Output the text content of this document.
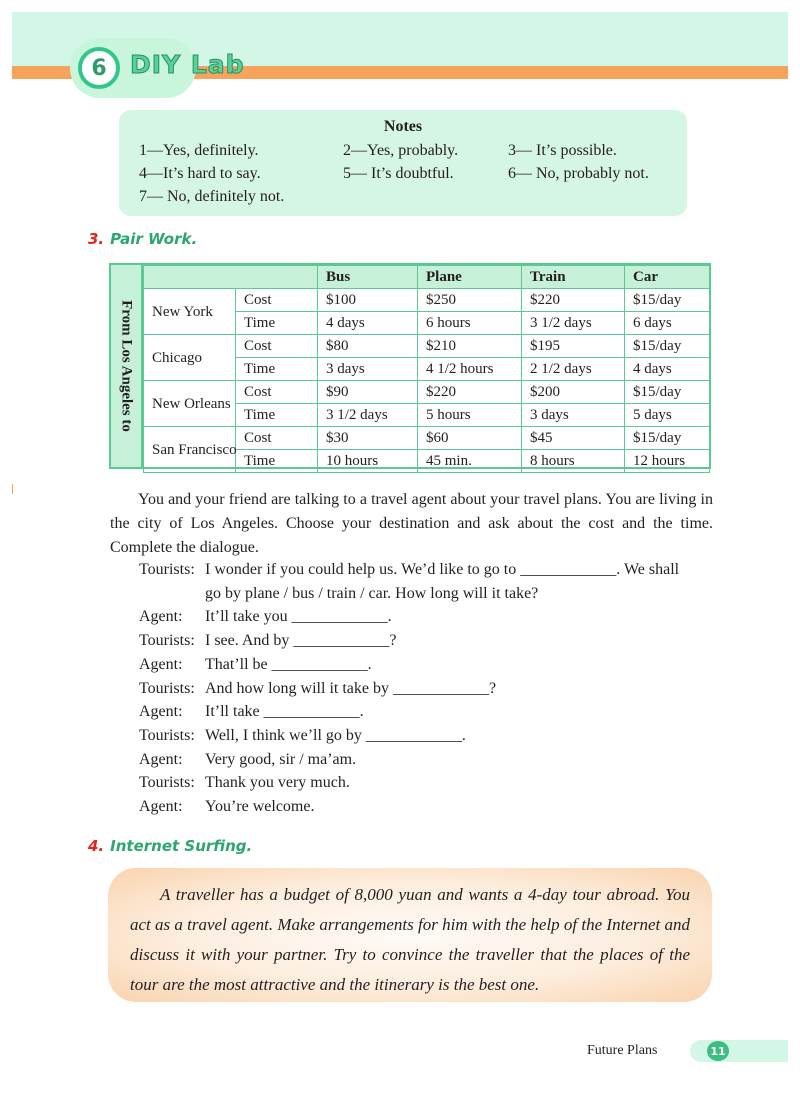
6 DIY Lab
Notes
1—Yes, definitely.	2—Yes, probably.	3— It’s possible.
4—It’s hard to say.	5— It’s doubtful.	6— No, probably not.
7— No, definitely not.
3. Pair Work.
From Los Angeles to
		Bus	Plane	Train	Car
New York	Cost	$100	$250	$220	$15/day
	Time	4 days	6 hours	3 1/2 days	6 days
Chicago	Cost	$80	$210	$195	$15/day
	Time	3 days	4 1/2 hours	2 1/2 days	4 days
New Orleans	Cost	$90	$220	$200	$15/day
	Time	3 1/2 days	5 hours	3 days	5 days
San Francisco	Cost	$30	$60	$45	$15/day
	Time	10 hours	45 min.	8 hours	12 hours
You and your friend are talking to a travel agent about your travel plans. You are living in the city of Los Angeles. Choose your destination and ask about the cost and the time. Complete the dialogue.
Tourists: I wonder if you could help us. We’d like to go to ____________. We shall
go by plane / bus / train / car. How long will it take?
Agent: It’ll take you ____________.
Tourists: I see. And by ____________?
Agent: That’ll be ____________.
Tourists: And how long will it take by ____________?
Agent: It’ll take ____________.
Tourists: Well, I think we’ll go by ____________.
Agent: Very good, sir / ma’am.
Tourists: Thank you very much.
Agent: You’re welcome.
4. Internet Surfing.

A traveller has a budget of 8,000 yuan and wants a 4-day tour abroad. You act as a travel agent. Make arrangements for him with the help of the Internet and discuss it with your partner. Try to convince the traveller that the places of the tour are the most attractive and the itinerary is the best one.

Future Plans	11
